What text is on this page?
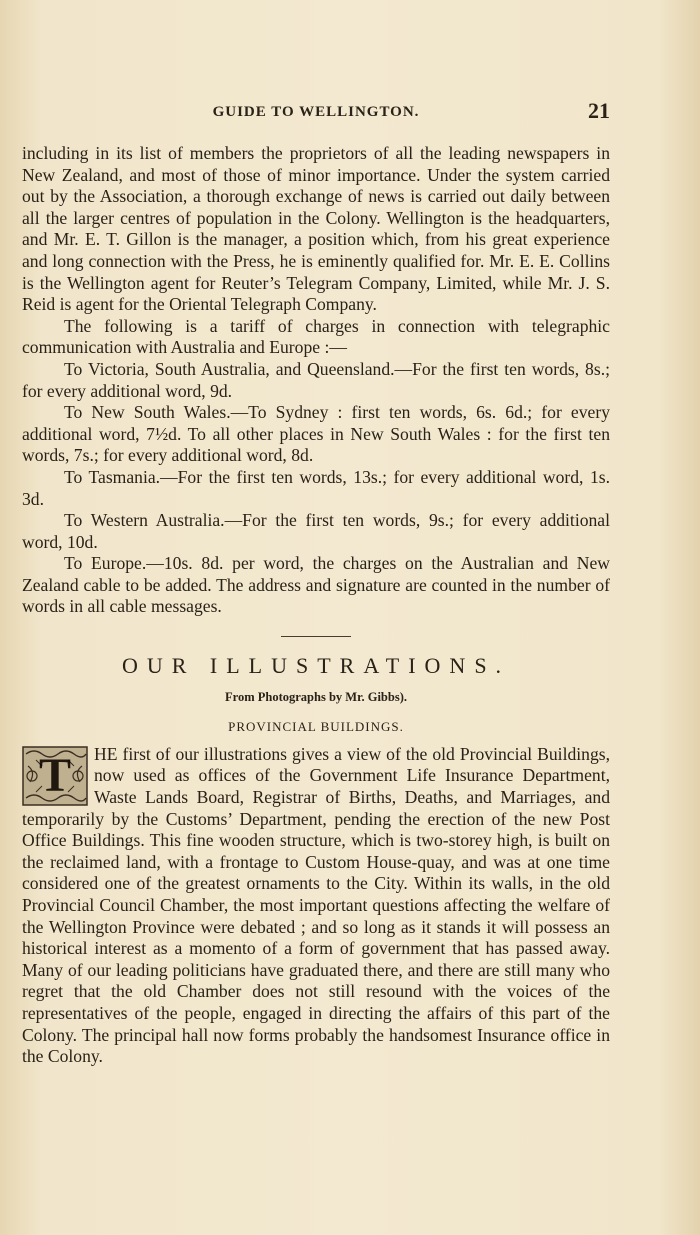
GUIDE TO WELLINGTON.	21

including in its list of members the proprietors of all the leading newspapers in New Zealand, and most of those of minor importance. Under the system carried out by the Association, a thorough exchange of news is carried out daily between all the larger centres of population in the Colony. Wellington is the headquarters, and Mr. E. T. Gillon is the manager, a position which, from his great experience and long connection with the Press, he is eminently qualified for. Mr. E. E. Collins is the Wellington agent for Reuter’s Telegram Company, Limited, while Mr. J. S. Reid is agent for the Oriental Telegraph Company.

The following is a tariff of charges in connection with telegraphic communication with Australia and Europe :—

To Victoria, South Australia, and Queensland.—For the first ten words, 8s.; for every additional word, 9d.

To New South Wales.—To Sydney : first ten words, 6s. 6d.; for every additional word, 7½d. To all other places in New South Wales : for the first ten words, 7s.; for every additional word, 8d.

To Tasmania.—For the first ten words, 13s.; for every additional word, 1s. 3d.

To Western Australia.—For the first ten words, 9s.; for every additional word, 10d.

To Europe.—10s. 8d. per word, the charges on the Australian and New Zealand cable to be added. The address and signature are counted in the number of words in all cable messages.

OUR ILLUSTRATIONS.
From Photographs by Mr. Gibbs).
PROVINCIAL BUILDINGS.
T	HE first of our illustrations gives a view of the old Provincial Buildings, now used as offices of the Government Life Insurance Department, Waste Lands Board, Registrar of Births, Deaths, and Marriages, and temporarily by the Customs’ Department, pending the erection of the new Post Office Buildings. This fine wooden structure, which is two-storey high, is built on the reclaimed land, with a frontage to Custom House-quay, and was at one time considered one of the greatest ornaments to the City. Within its walls, in the old Provincial Council Chamber, the most important questions affecting the welfare of the Wellington Province were debated ; and so long as it stands it will possess an historical interest as a momento of a form of government that has passed away. Many of our leading politicians have graduated there, and there are still many who regret that the old Chamber does not still resound with the voices of the representatives of the people, engaged in directing the affairs of this part of the Colony. The principal hall now forms probably the handsomest Insurance office in the Colony.
